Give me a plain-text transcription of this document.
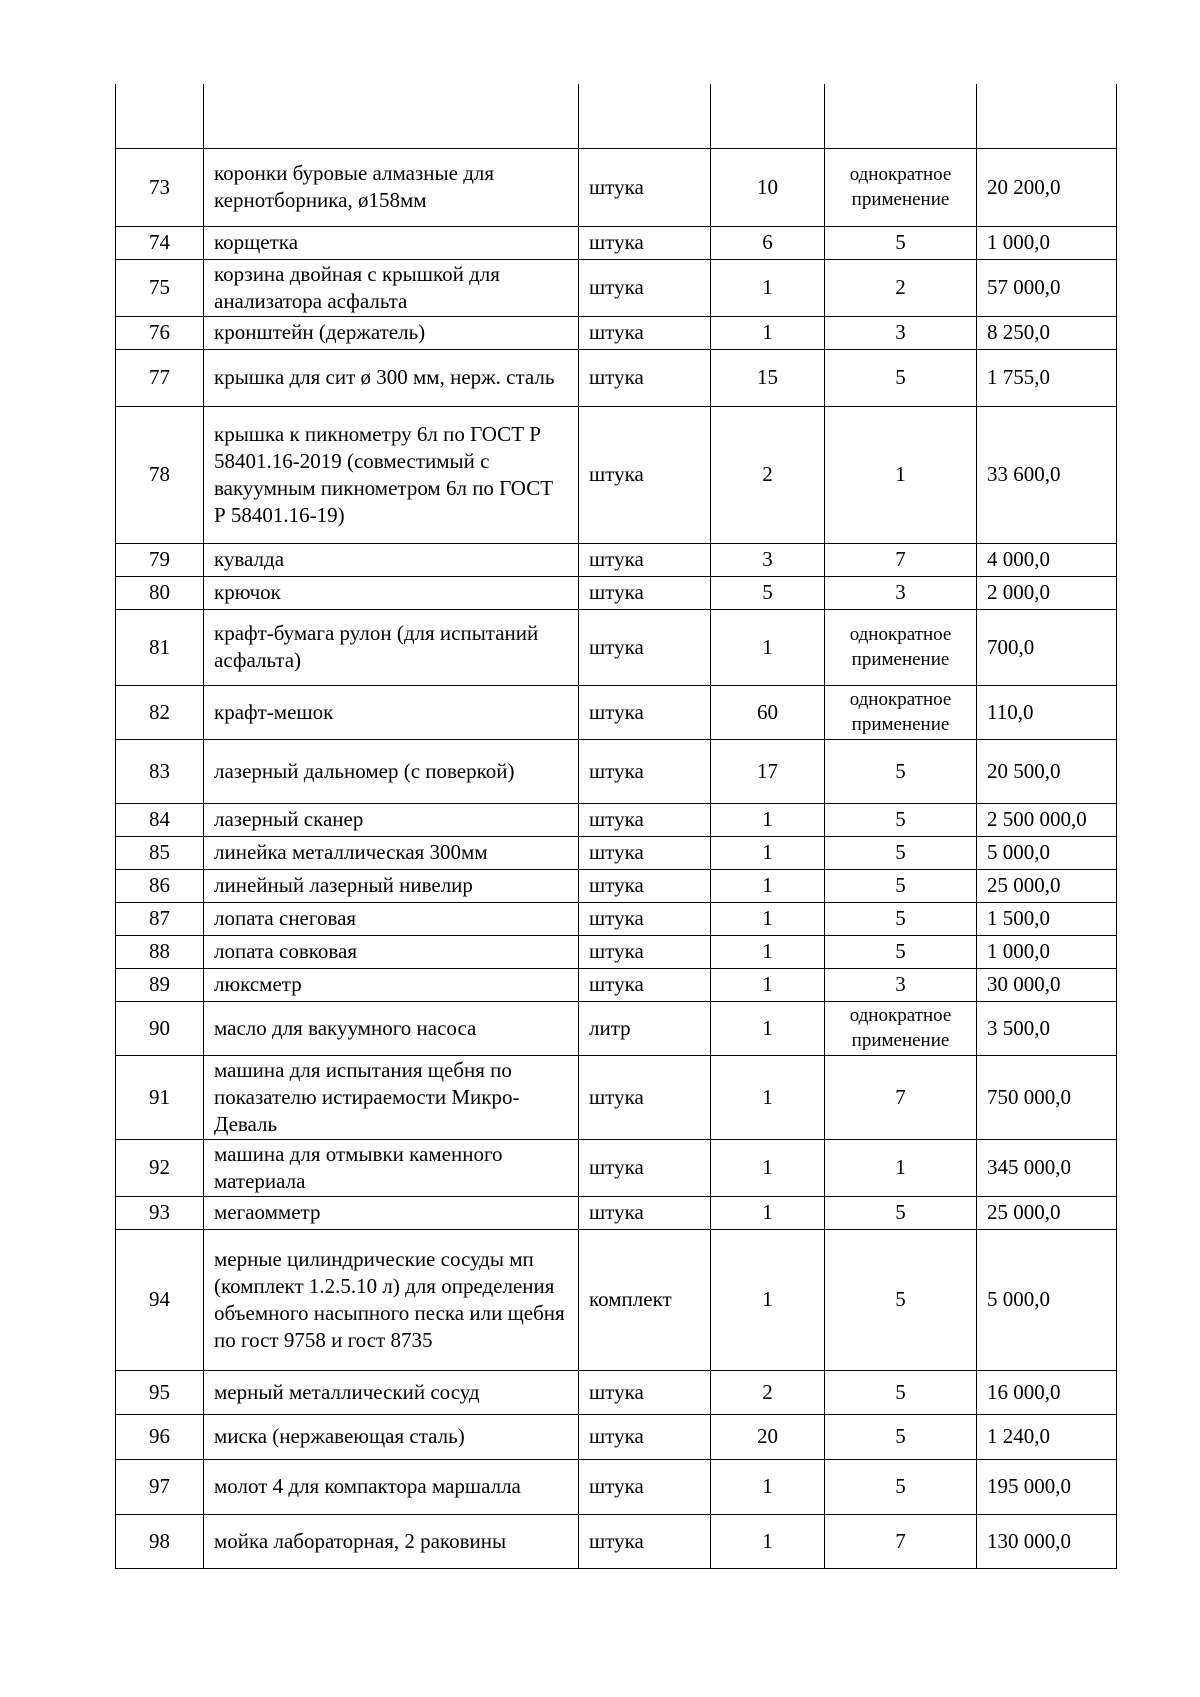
73	коронки буровые алмазные для кернотборника, ø158мм	штука	10	однократное применение	20 200,0
74	корщетка	штука	6	5	1 000,0
75	корзина двойная с крышкой для анализатора асфальта	штука	1	2	57 000,0
76	кронштейн (держатель)	штука	1	3	8 250,0
77	крышка для сит ø 300 мм, нерж. сталь	штука	15	5	1 755,0
78	крышка к пикнометру 6л по ГОСТ Р 58401.16-2019 (совместимый с вакуумным пикнометром 6л по ГОСТ Р 58401.16-19)	штука	2	1	33 600,0
79	кувалда	штука	3	7	4 000,0
80	крючок	штука	5	3	2 000,0
81	крафт-бумага рулон (для испытаний асфальта)	штука	1	однократное применение	700,0
82	крафт-мешок	штука	60	однократное применение	110,0
83	лазерный дальномер (с поверкой)	штука	17	5	20 500,0
84	лазерный сканер	штука	1	5	2 500 000,0
85	линейка металлическая 300мм	штука	1	5	5 000,0
86	линейный лазерный нивелир	штука	1	5	25 000,0
87	лопата снеговая	штука	1	5	1 500,0
88	лопата совковая	штука	1	5	1 000,0
89	люксметр	штука	1	3	30 000,0
90	масло для вакуумного насоса	литр	1	однократное применение	3 500,0
91	машина для испытания щебня по показателю истираемости Микро-Деваль	штука	1	7	750 000,0
92	машина для отмывки каменного материала	штука	1	1	345 000,0
93	мегаомметр	штука	1	5	25 000,0
94	мерные цилиндрические сосуды мп (комплект 1.2.5.10 л) для определения объемного насыпного песка или щебня по гост 9758 и гост 8735	комплект	1	5	5 000,0
95	мерный металлический сосуд	штука	2	5	16 000,0
96	миска (нержавеющая сталь)	штука	20	5	1 240,0
97	молот 4 для компактора маршалла	штука	1	5	195 000,0
98	мойка лабораторная, 2 раковины	штука	1	7	130 000,0
